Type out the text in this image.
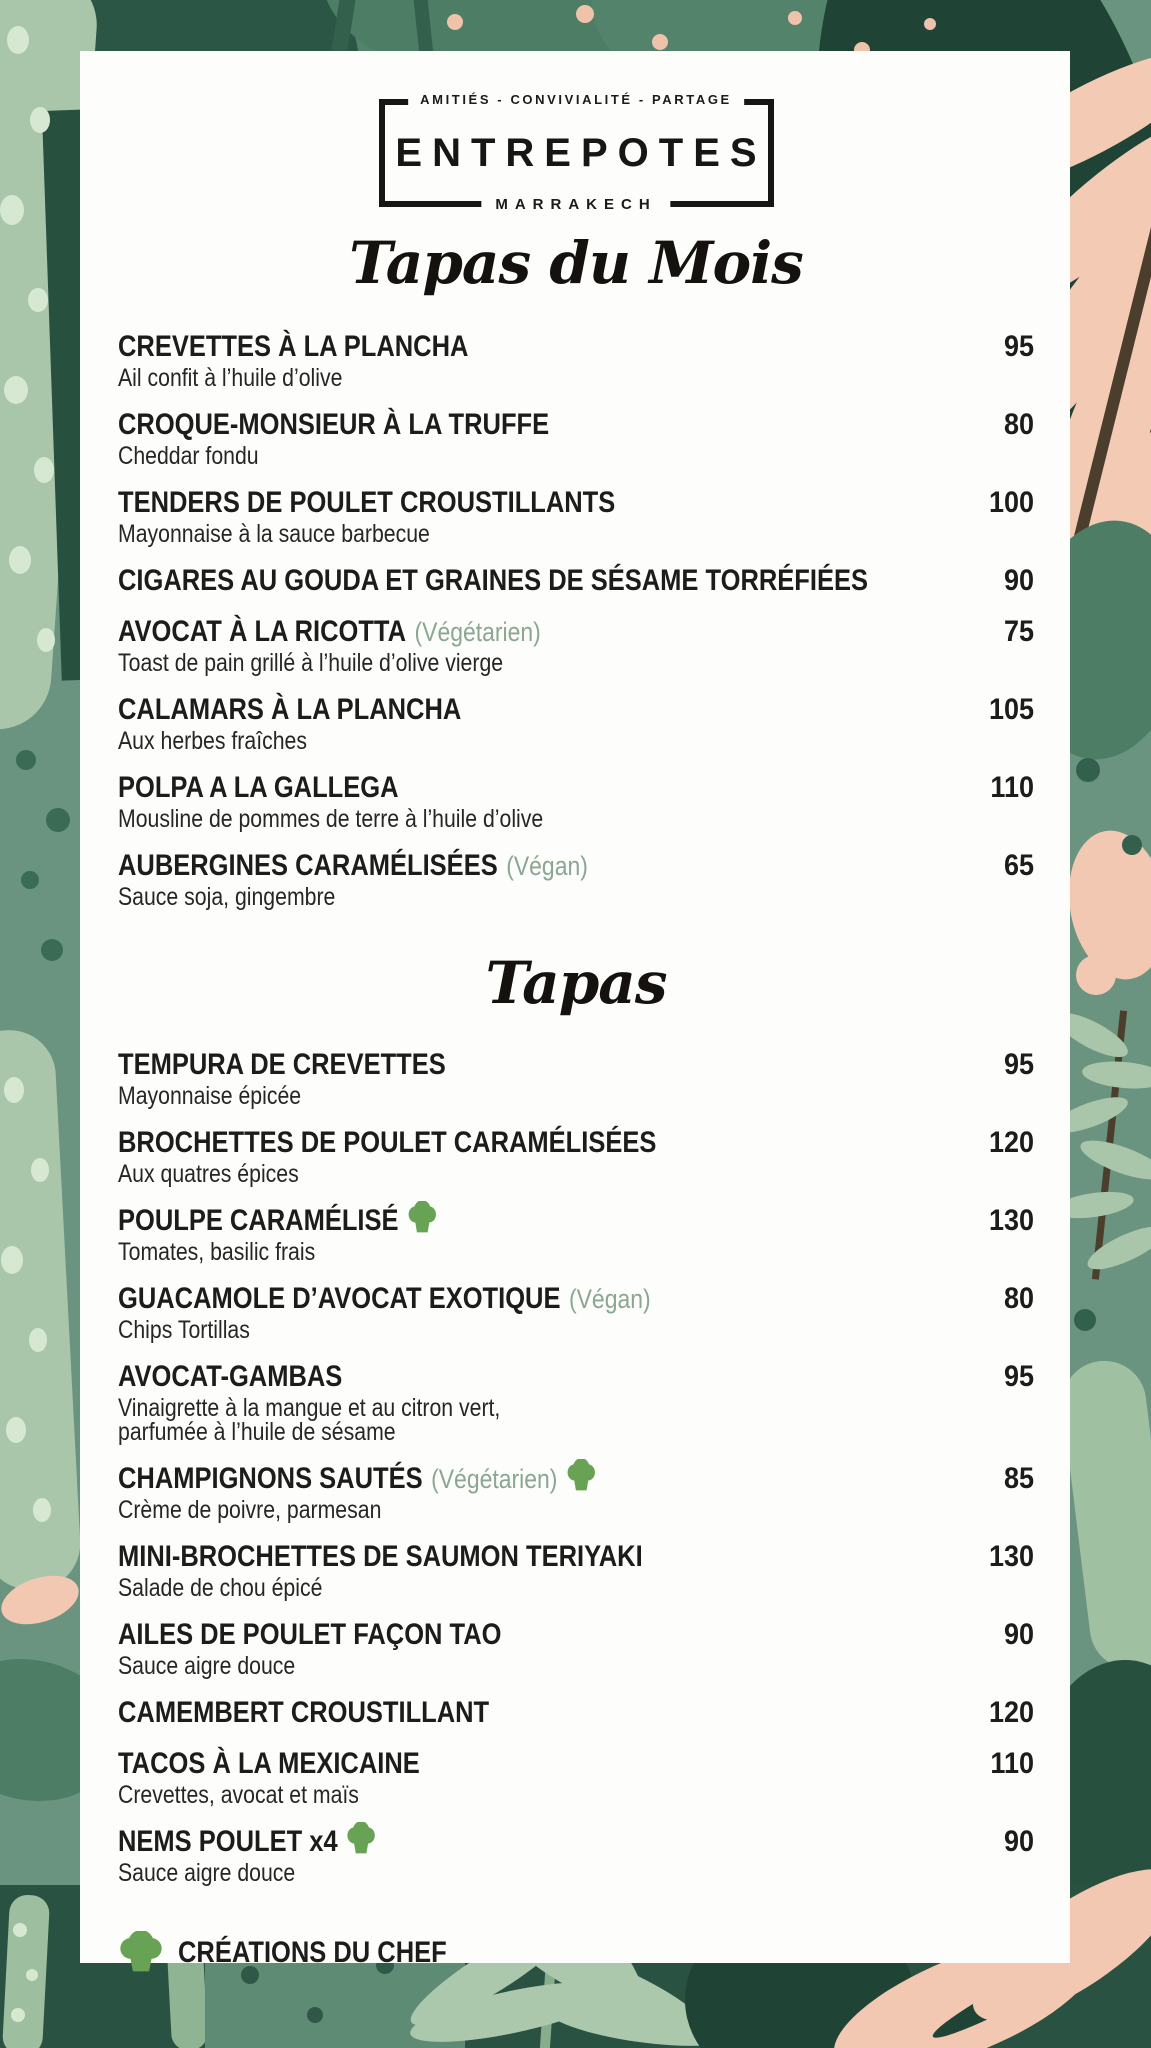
AMITIÉS - CONVIVIALITÉ - PARTAGE
ENTREPOTES
MARRAKECH
Tapas du Mois
CREVETTES À LA PLANCHA
Ail confit à l’huile d’olive
95
CROQUE-MONSIEUR À LA TRUFFE
Cheddar fondu
80
TENDERS DE POULET CROUSTILLANTS
Mayonnaise à la sauce barbecue
100
CIGARES AU GOUDA ET GRAINES DE SÉSAME TORRÉFIÉES	90
AVOCAT À LA RICOTTA (Végétarien)
Toast de pain grillé à l’huile d’olive vierge
75
CALAMARS À LA PLANCHA
Aux herbes fraîches
105
POLPA A LA GALLEGA
Mousline de pommes de terre à l’huile d’olive
110
AUBERGINES CARAMÉLISÉES (Végan)
Sauce soja, gingembre
65
Tapas
TEMPURA DE CREVETTES
Mayonnaise épicée
95
BROCHETTES DE POULET CARAMÉLISÉES
Aux quatres épices
120
POULPE CARAMÉLISÉ
Tomates, basilic frais
130
GUACAMOLE D’AVOCAT EXOTIQUE (Végan)
Chips Tortillas
80
AVOCAT-GAMBAS
Vinaigrette à la mangue et au citron vert,
parfumée à l’huile de sésame
95
CHAMPIGNONS SAUTÉS (Végétarien)
Crème de poivre, parmesan
85
MINI-BROCHETTES DE SAUMON TERIYAKI
Salade de chou épicé
130
AILES DE POULET FAÇON TAO
Sauce aigre douce
90
CAMEMBERT CROUSTILLANT	120
TACOS À LA MEXICAINE
Crevettes, avocat et maïs
110
NEMS POULET x4
Sauce aigre douce
90
CRÉATIONS DU CHEF
